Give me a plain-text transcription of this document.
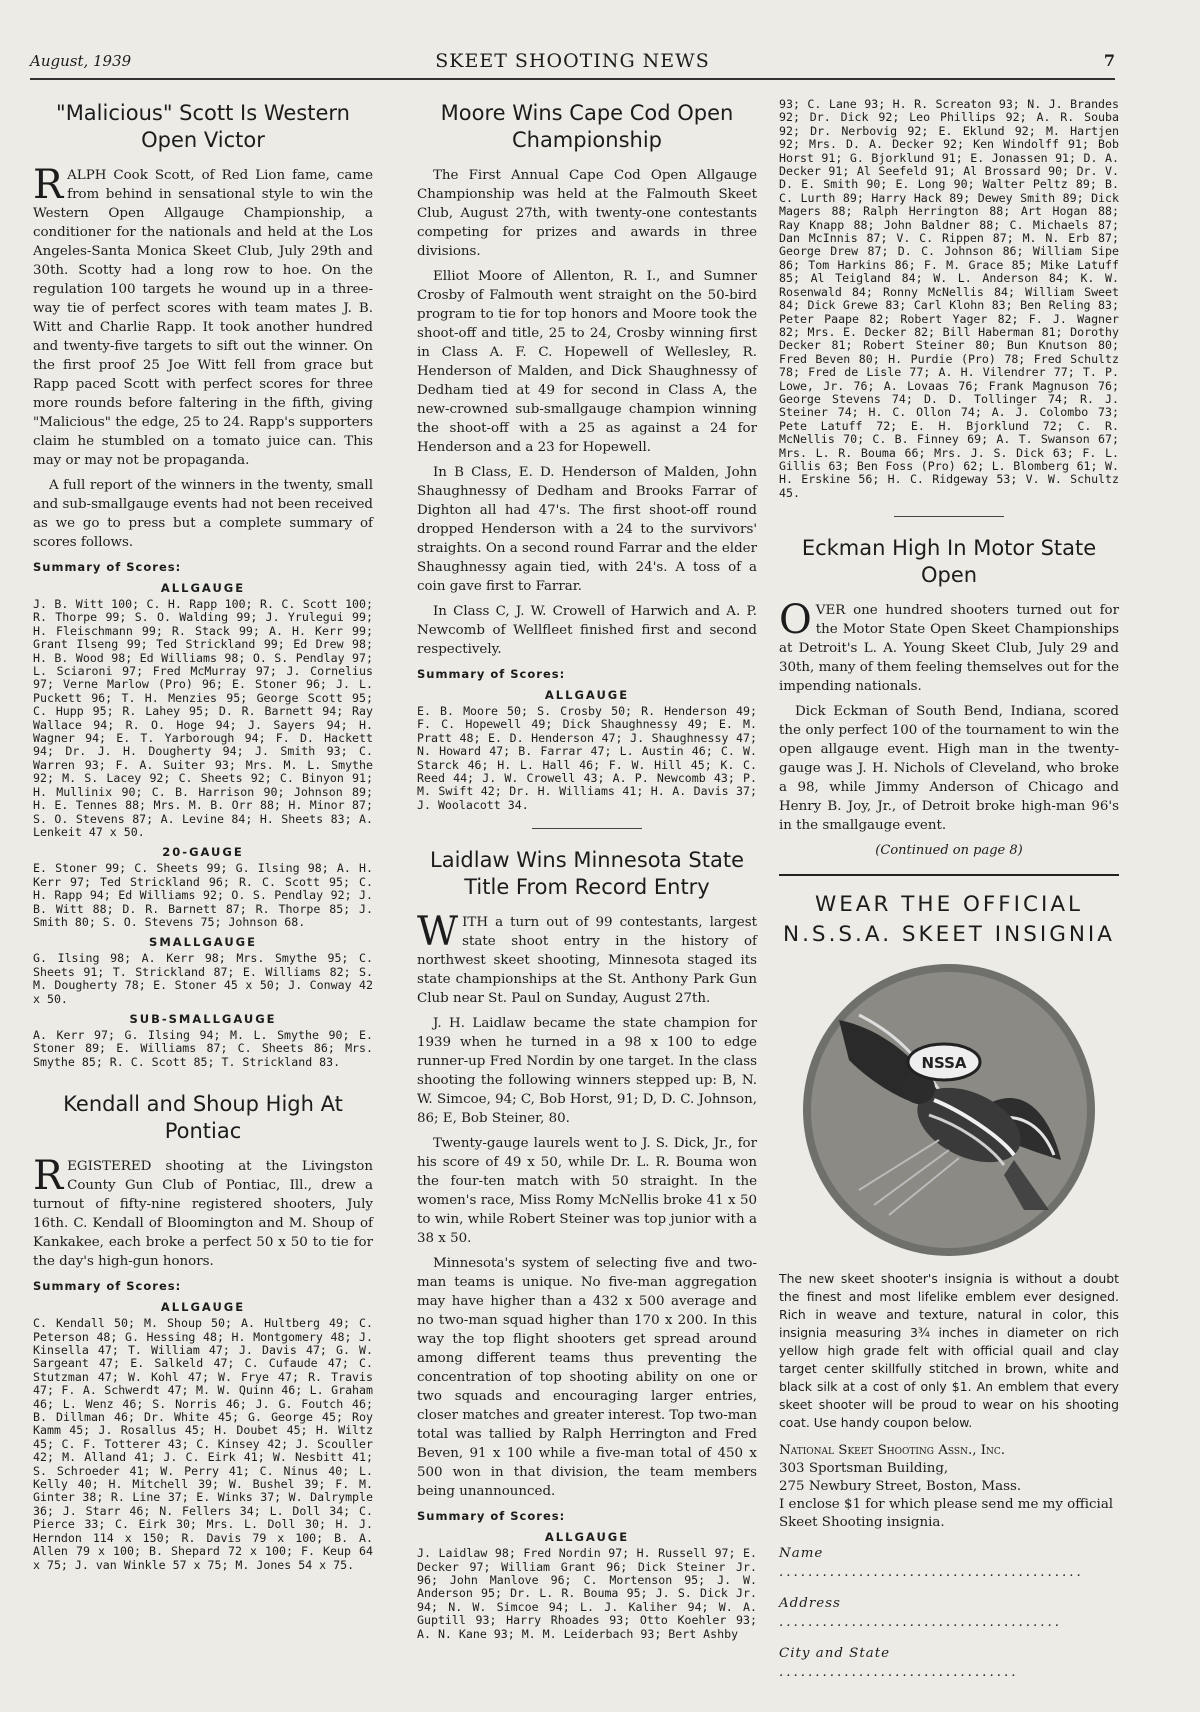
August, 1939	SKEET SHOOTING NEWS	7
"Malicious" Scott Is Western Open Victor

RALPH Cook Scott, of Red Lion fame, came from behind in sensational style to win the Western Open Allgauge Championship, a conditioner for the nationals and held at the Los Angeles-Santa Monica Skeet Club, July 29th and 30th. Scotty had a long row to hoe. On the regulation 100 targets he wound up in a three-way tie of perfect scores with team mates J. B. Witt and Charlie Rapp. It took another hundred and twenty-five targets to sift out the winner. On the first proof 25 Joe Witt fell from grace but Rapp paced Scott with perfect scores for three more rounds before faltering in the fifth, giving "Malicious" the edge, 25 to 24. Rapp's supporters claim he stumbled on a tomato juice can. This may or may not be propaganda.

A full report of the winners in the twenty, small and sub-smallgauge events had not been received as we go to press but a complete summary of scores follows.

Summary of Scores:
ALLGAUGE
J. B. Witt 100; C. H. Rapp 100; R. C. Scott 100; R. Thorpe 99; S. O. Walding 99; J. Yrulegui 99; H. Fleischmann 99; R. Stack 99; A. H. Kerr 99; Grant Ilseng 99; Ted Strickland 99; Ed Drew 98; H. B. Wood 98; Ed Williams 98; O. S. Pendlay 97; L. Sciaroni 97; Fred McMurray 97; J. Cornelius 97; Verne Marlow (Pro) 96; E. Stoner 96; J. L. Puckett 96; T. H. Menzies 95; George Scott 95; C. Hupp 95; R. Lahey 95; D. R. Barnett 94; Ray Wallace 94; R. O. Hoge 94; J. Sayers 94; H. Wagner 94; E. T. Yarborough 94; F. D. Hackett 94; Dr. J. H. Dougherty 94; J. Smith 93; C. Warren 93; F. A. Suiter 93; Mrs. M. L. Smythe 92; M. S. Lacey 92; C. Sheets 92; C. Binyon 91; H. Mullinix 90; C. B. Harrison 90; Johnson 89; H. E. Tennes 88; Mrs. M. B. Orr 88; H. Minor 87; S. O. Stevens 87; A. Levine 84; H. Sheets 83; A. Lenkeit 47 x 50.
20-GAUGE
E. Stoner 99; C. Sheets 99; G. Ilsing 98; A. H. Kerr 97; Ted Strickland 96; R. C. Scott 95; C. H. Rapp 94; Ed Williams 92; O. S. Pendlay 92; J. B. Witt 88; D. R. Barnett 87; R. Thorpe 85; J. Smith 80; S. O. Stevens 75; Johnson 68.
SMALLGAUGE
G. Ilsing 98; A. Kerr 98; Mrs. Smythe 95; C. Sheets 91; T. Strickland 87; E. Williams 82; S. M. Dougherty 78; E. Stoner 45 x 50; J. Conway 42 x 50.
SUB-SMALLGAUGE
A. Kerr 97; G. Ilsing 94; M. L. Smythe 90; E. Stoner 89; E. Williams 87; C. Sheets 86; Mrs. Smythe 85; R. C. Scott 85; T. Strickland 83.
Kendall and Shoup High At Pontiac

REGISTERED shooting at the Livingston County Gun Club of Pontiac, Ill., drew a turnout of fifty-nine registered shooters, July 16th. C. Kendall of Bloomington and M. Shoup of Kankakee, each broke a perfect 50 x 50 to tie for the day's high-gun honors.

Summary of Scores:
ALLGAUGE
C. Kendall 50; M. Shoup 50; A. Hultberg 49; C. Peterson 48; G. Hessing 48; H. Montgomery 48; J. Kinsella 47; T. William 47; J. Davis 47; G. W. Sargeant 47; E. Salkeld 47; C. Cufaude 47; C. Stutzman 47; W. Kohl 47; W. Frye 47; R. Travis 47; F. A. Schwerdt 47; M. W. Quinn 46; L. Graham 46; L. Wenz 46; S. Norris 46; J. G. Foutch 46; B. Dillman 46; Dr. White 45; G. George 45; Roy Kamm 45; J. Rosallus 45; H. Doubet 45; H. Wiltz 45; C. F. Totterer 43; C. Kinsey 42; J. Scouller 42; M. Alland 41; J. C. Eirk 41; W. Nesbitt 41; S. Schroeder 41; W. Perry 41; C. Ninus 40; L. Kelly 40; H. Mitchell 39; W. Bushel 39; F. M. Ginter 38; R. Line 37; E. Winks 37; W. Dalrymple 36; J. Starr 46; N. Fellers 34; L. Doll 34; C. Pierce 33; C. Eirk 30; Mrs. L. Doll 30; H. J. Herndon 114 x 150; R. Davis 79 x 100; B. A. Allen 79 x 100; B. Shepard 72 x 100; F. Keup 64 x 75; J. van Winkle 57 x 75; M. Jones 54 x 75.
Moore Wins Cape Cod Open Championship

The First Annual Cape Cod Open Allgauge Championship was held at the Falmouth Skeet Club, August 27th, with twenty-one contestants competing for prizes and awards in three divisions.

Elliot Moore of Allenton, R. I., and Sumner Crosby of Falmouth went straight on the 50-bird program to tie for top honors and Moore took the shoot-off and title, 25 to 24, Crosby winning first in Class A. F. C. Hopewell of Wellesley, R. Henderson of Malden, and Dick Shaughnessy of Dedham tied at 49 for second in Class A, the new-crowned sub-smallgauge champion winning the shoot-off with a 25 as against a 24 for Henderson and a 23 for Hopewell.

In B Class, E. D. Henderson of Malden, John Shaughnessy of Dedham and Brooks Farrar of Dighton all had 47's. The first shoot-off round dropped Henderson with a 24 to the survivors' straights. On a second round Farrar and the elder Shaughnessy again tied, with 24's. A toss of a coin gave first to Farrar.

In Class C, J. W. Crowell of Harwich and A. P. Newcomb of Wellfleet finished first and second respectively.

Summary of Scores:
ALLGAUGE
E. B. Moore 50; S. Crosby 50; R. Henderson 49; F. C. Hopewell 49; Dick Shaughnessy 49; E. M. Pratt 48; E. D. Henderson 47; J. Shaughnessy 47; N. Howard 47; B. Farrar 47; L. Austin 46; C. W. Starck 46; H. L. Hall 46; F. W. Hill 45; K. C. Reed 44; J. W. Crowell 43; A. P. Newcomb 43; P. M. Swift 42; Dr. H. Williams 41; H. A. Davis 37; J. Woolacott 34.
Laidlaw Wins Minnesota State Title From Record Entry

WITH a turn out of 99 contestants, largest state shoot entry in the history of northwest skeet shooting, Minnesota staged its state championships at the St. Anthony Park Gun Club near St. Paul on Sunday, August 27th.

J. H. Laidlaw became the state champion for 1939 when he turned in a 98 x 100 to edge runner-up Fred Nordin by one target. In the class shooting the following winners stepped up: B, N. W. Simcoe, 94; C, Bob Horst, 91; D, D. C. Johnson, 86; E, Bob Steiner, 80.

Twenty-gauge laurels went to J. S. Dick, Jr., for his score of 49 x 50, while Dr. L. R. Bouma won the four-ten match with 50 straight. In the women's race, Miss Romy McNellis broke 41 x 50 to win, while Robert Steiner was top junior with a 38 x 50.

Minnesota's system of selecting five and two-man teams is unique. No five-man aggregation may have higher than a 432 x 500 average and no two-man squad higher than 170 x 200. In this way the top flight shooters get spread around among different teams thus preventing the concentration of top shooting ability on one or two squads and encouraging larger entries, closer matches and greater interest. Top two-man total was tallied by Ralph Herrington and Fred Beven, 91 x 100 while a five-man total of 450 x 500 won in that division, the team members being unannounced.

Summary of Scores:
ALLGAUGE
J. Laidlaw 98; Fred Nordin 97; H. Russell 97; E. Decker 97; William Grant 96; Dick Steiner Jr. 96; John Manlove 96; C. Mortenson 95; J. W. Anderson 95; Dr. L. R. Bouma 95; J. S. Dick Jr. 94; N. W. Simcoe 94; L. J. Kaliher 94; W. A. Guptill 93; Harry Rhoades 93; Otto Koehler 93; A. N. Kane 93; M. M. Leiderbach 93; Bert Ashby
93; C. Lane 93; H. R. Screaton 93; N. J. Brandes 92; Dr. Dick 92; Leo Phillips 92; A. R. Souba 92; Dr. Nerbovig 92; E. Eklund 92; M. Hartjen 92; Mrs. D. A. Decker 92; Ken Windolff 91; Bob Horst 91; G. Bjorklund 91; E. Jonassen 91; D. A. Decker 91; Al Seefeld 91; Al Brossard 90; Dr. V. D. E. Smith 90; E. Long 90; Walter Peltz 89; B. C. Lurth 89; Harry Hack 89; Dewey Smith 89; Dick Magers 88; Ralph Herrington 88; Art Hogan 88; Ray Knapp 88; John Baldner 88; C. Michaels 87; Dan McInnis 87; V. C. Rippen 87; M. N. Erb 87; George Drew 87; D. C. Johnson 86; William Sipe 86; Tom Harkins 86; F. M. Grace 85; Mike Latuff 85; Al Teigland 84; W. L. Anderson 84; K. W. Rosenwald 84; Ronny McNellis 84; William Sweet 84; Dick Grewe 83; Carl Klohn 83; Ben Reling 83; Peter Paape 82; Robert Yager 82; F. J. Wagner 82; Mrs. E. Decker 82; Bill Haberman 81; Dorothy Decker 81; Robert Steiner 80; Bun Knutson 80; Fred Beven 80; H. Purdie (Pro) 78; Fred Schultz 78; Fred de Lisle 77; A. H. Vilendrer 77; T. P. Lowe, Jr. 76; A. Lovaas 76; Frank Magnuson 76; George Stevens 74; D. D. Tollinger 74; R. J. Steiner 74; H. C. Ollon 74; A. J. Colombo 73; Pete Latuff 72; E. H. Bjorklund 72; C. R. McNellis 70; C. B. Finney 69; A. T. Swanson 67; Mrs. L. R. Bouma 66; Mrs. J. S. Dick 63; F. L. Gillis 63; Ben Foss (Pro) 62; L. Blomberg 61; W. H. Erskine 56; H. C. Ridgeway 53; V. W. Schultz 45.
Eckman High In Motor State Open

OVER one hundred shooters turned out for the Motor State Open Skeet Championships at Detroit's L. A. Young Skeet Club, July 29 and 30th, many of them feeling themselves out for the impending nationals.

Dick Eckman of South Bend, Indiana, scored the only perfect 100 of the tournament to win the open allgauge event. High man in the twenty-gauge was J. H. Nichols of Cleveland, who broke a 98, while Jimmy Anderson of Chicago and Henry B. Joy, Jr., of Detroit broke high-man 96's in the smallgauge event.

(Continued on page 8)
WEAR THE OFFICIAL N.S.S.A. SKEET INSIGNIA
NSSA
The new skeet shooter's insignia is without a doubt the finest and most lifelike emblem ever designed. Rich in weave and texture, natural in color, this insignia measuring 3¾ inches in diameter on rich yellow high grade felt with official quail and clay target center skillfully stitched in brown, white and black silk at a cost of only $1. An emblem that every skeet shooter will be proud to wear on his shooting coat. Use handy coupon below.
National Skeet Shooting Assn., Inc.
303 Sportsman Building,
275 Newbury Street, Boston, Mass.
I enclose $1 for which please send me my official Skeet Shooting insignia.
Name ..........................................
Address .......................................
City and State .................................
